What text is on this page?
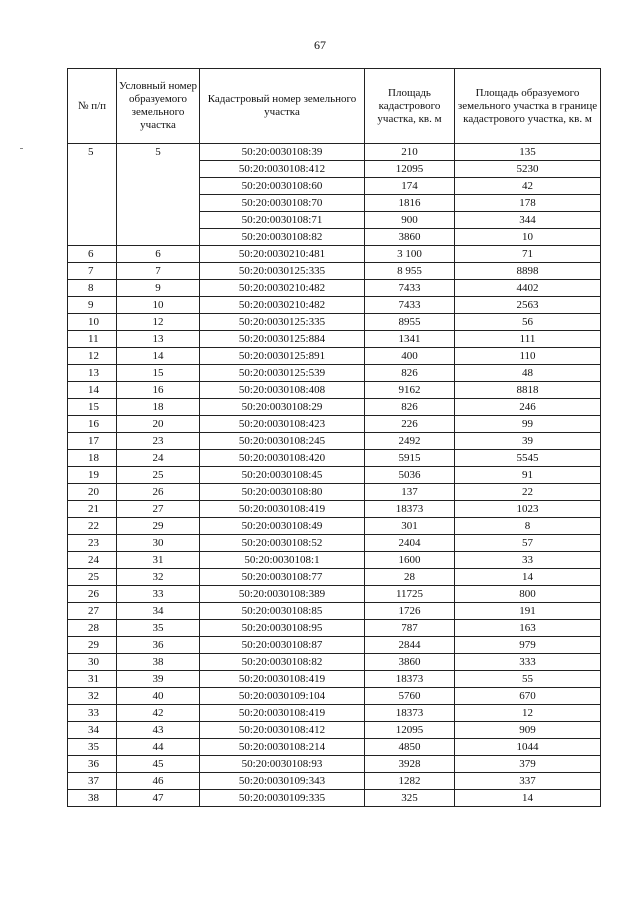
67
№ п/п	Условный номер образуемого земельного участка	Кадастровый номер земельного участка	Площадь кадастрового участка, кв. м	Площадь образуемого земельного участка в границе кадастрового участка, кв. м
5	5	50:20:0030108:39	210	135
		50:20:0030108:412	12095	5230
		50:20:0030108:60	174	42
		50:20:0030108:70	1816	178
		50:20:0030108:71	900	344
		50:20:0030108:82	3860	10
6	6	50:20:0030210:481	3 100	71
7	7	50:20:0030125:335	8 955	8898
8	9	50:20:0030210:482	7433	4402
9	10	50:20:0030210:482	7433	2563
10	12	50:20:0030125:335	8955	56
11	13	50:20:0030125:884	1341	111
12	14	50:20:0030125:891	400	110
13	15	50:20:0030125:539	826	48
14	16	50:20:0030108:408	9162	8818
15	18	50:20:0030108:29	826	246
16	20	50:20:0030108:423	226	99
17	23	50:20:0030108:245	2492	39
18	24	50:20:0030108:420	5915	5545
19	25	50:20:0030108:45	5036	91
20	26	50:20:0030108:80	137	22
21	27	50:20:0030108:419	18373	1023
22	29	50:20:0030108:49	301	8
23	30	50:20:0030108:52	2404	57
24	31	50:20:0030108:1	1600	33
25	32	50:20:0030108:77	28	14
26	33	50:20:0030108:389	11725	800
27	34	50:20:0030108:85	1726	191
28	35	50:20:0030108:95	787	163
29	36	50:20:0030108:87	2844	979
30	38	50:20:0030108:82	3860	333
31	39	50:20:0030108:419	18373	55
32	40	50:20:0030109:104	5760	670
33	42	50:20:0030108:419	18373	12
34	43	50:20:0030108:412	12095	909
35	44	50:20:0030108:214	4850	1044
36	45	50:20:0030108:93	3928	379
37	46	50:20:0030109:343	1282	337
38	47	50:20:0030109:335	325	14
